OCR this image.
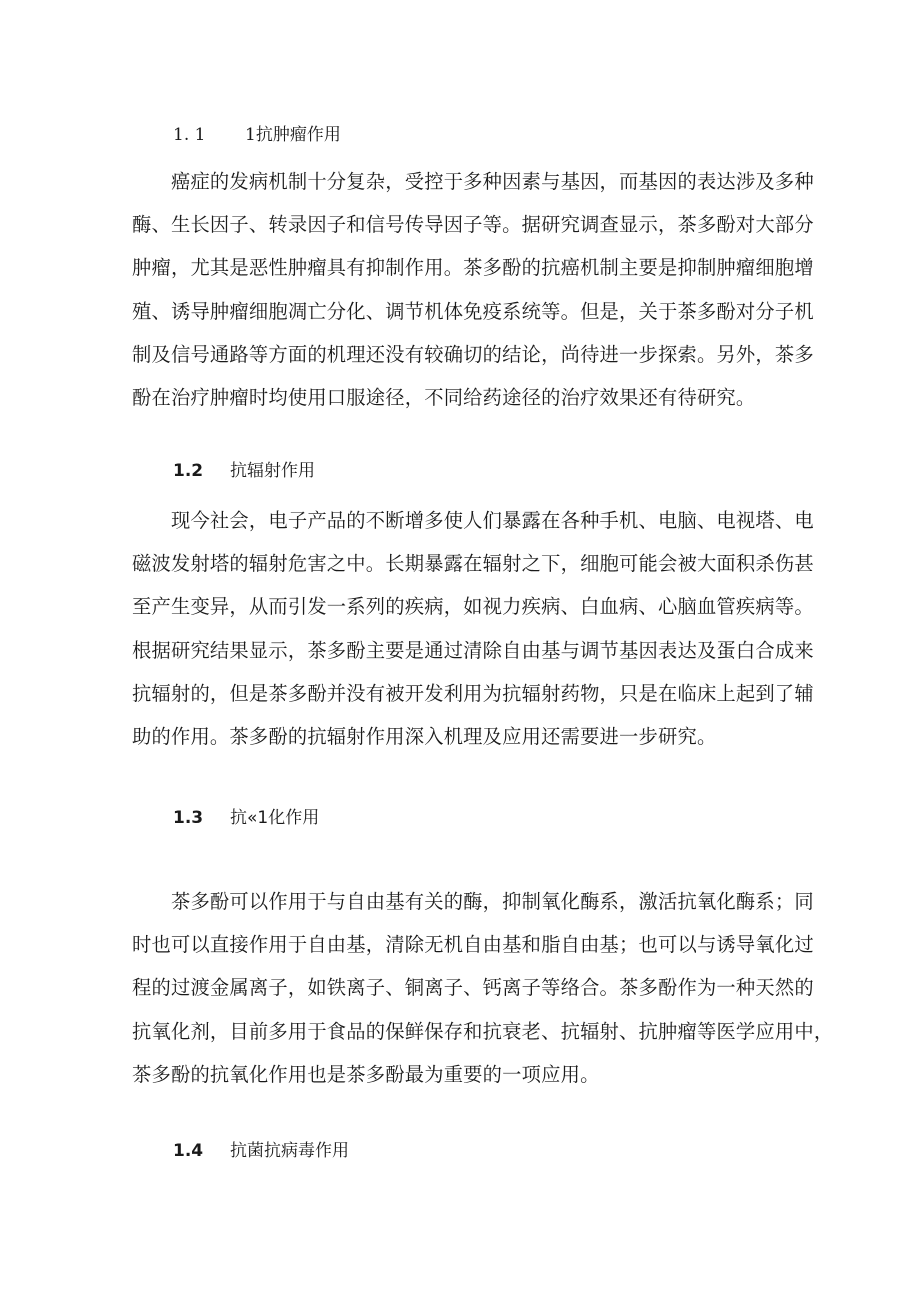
1. 1 1抗肿瘤作用
　　癌症的发病机制十分复杂，受控于多种因素与基因，而基因的表达涉及多种
酶、生长因子、转录因子和信号传导因子等。据研究调查显示，茶多酚对大部分
肿瘤，尤其是恶性肿瘤具有抑制作用。茶多酚的抗癌机制主要是抑制肿瘤细胞增
殖、诱导肿瘤细胞凋亡分化、调节机体免疫系统等。但是，关于茶多酚对分子机
制及信号通路等方面的机理还没有较确切的结论，尚待进一步探索。另外，茶多
酚在治疗肿瘤时均使用口服途径，不同给药途径的治疗效果还有待研究。
1.2 抗辐射作用
　　现今社会，电子产品的不断增多使人们暴露在各种手机、电脑、电视塔、电
磁波发射塔的辐射危害之中。长期暴露在辐射之下，细胞可能会被大面积杀伤甚
至产生变异，从而引发一系列的疾病，如视力疾病、白血病、心脑血管疾病等。
根据研究结果显示，茶多酚主要是通过清除自由基与调节基因表达及蛋白合成来
抗辐射的，但是茶多酚并没有被开发利用为抗辐射药物，只是在临床上起到了辅
助的作用。茶多酚的抗辐射作用深入机理及应用还需要进一步研究。
1.3 抗«1化作用
　　茶多酚可以作用于与自由基有关的酶，抑制氧化酶系，激活抗氧化酶系；同
时也可以直接作用于自由基，清除无机自由基和脂自由基；也可以与诱导氧化过
程的过渡金属离子，如铁离子、铜离子、钙离子等络合。茶多酚作为一种天然的
抗氧化剂，目前多用于食品的保鲜保存和抗衰老、抗辐射、抗肿瘤等医学应用中，
茶多酚的抗氧化作用也是茶多酚最为重要的一项应用。
1.4 抗菌抗病毒作用
